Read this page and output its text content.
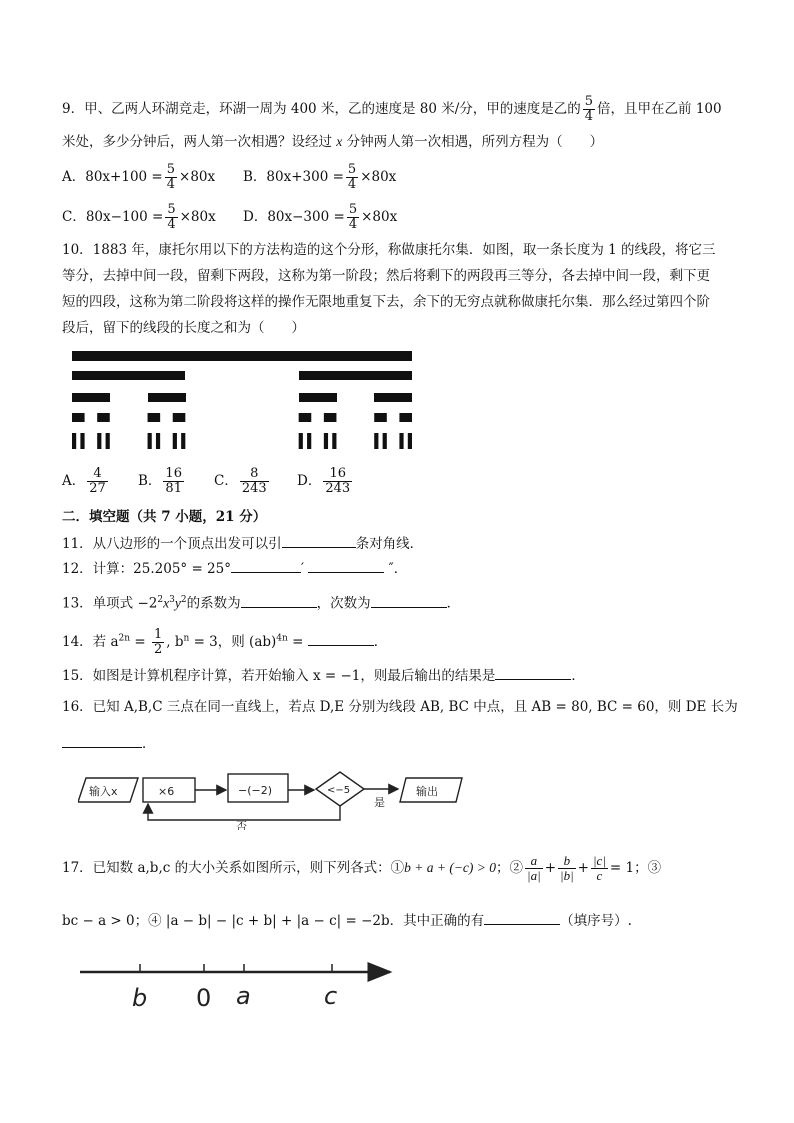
9．甲、乙两人环湖竞走，环湖一周为 400 米，乙的速度是 80 米/分，甲的速度是乙的 $\frac{5}{4}$ 倍，且甲在乙前 100
米处，多少分钟后，两人第一次相遇？设经过 x 分钟两人第一次相遇，所列方程为（　　）
A．$80x+100 = \frac{5}{4} \times 80x$ B．$80x+300 = \frac{5}{4} \times 80x$
C．$80x-100 = \frac{5}{4} \times 80x$ D．$80x-300 = \frac{5}{4} \times 80x$
10．1883 年，康托尔用以下的方法构造的这个分形，称做康托尔集．如图，取一条长度为 1 的线段，将它三
等分，去掉中间一段，留剩下两段，这称为第一阶段；然后将剩下的两段再三等分，各去掉中间一段，剩下更
短的四段，这称为第二阶段将这样的操作无限地重复下去，余下的无穷点就称做康托尔集．那么经过第四个阶
段后，留下的线段的长度之和为（　　）
A． $\frac{4}{27}$ B． $\frac{16}{81}$ C． $\frac{8}{243}$ D． $\frac{16}{243}$
二．填空题（共 7 小题，21 分）
11．从八边形的一个顶点出发可以引	条对角线．
12．计算：25.205° = 25°	′	″．
13．单项式 $-2^2x^3y^2$的系数为	，次数为	．
14．若 $a^{2n} = \frac{1}{2}$ , $b^n = 3$，则 (ab)$^{4n}$ =	．
15．如图是计算机程序计算，若开始输入 x = −1，则最后输出的结果是	．
16．已知 A,B,C 三点在同一直线上，若点 D,E 分别为线段 AB, BC 中点，且 AB = 80, BC = 60，则 DE 长为
．
输入x	×6	−(−2)	<−5	输出
是
否
17．已知数 a,b,c 的大小关系如图所示，则下列各式：①b + a + (−c) > 0；② $\frac{a}{|a|} + \frac{b}{|b|} + \frac{|c|}{c} = 1$；③
bc − a > 0；④ |a − b| − |c + b| + |a − c| = −2b．其中正确的有	（填序号）.
b 0 a	c
